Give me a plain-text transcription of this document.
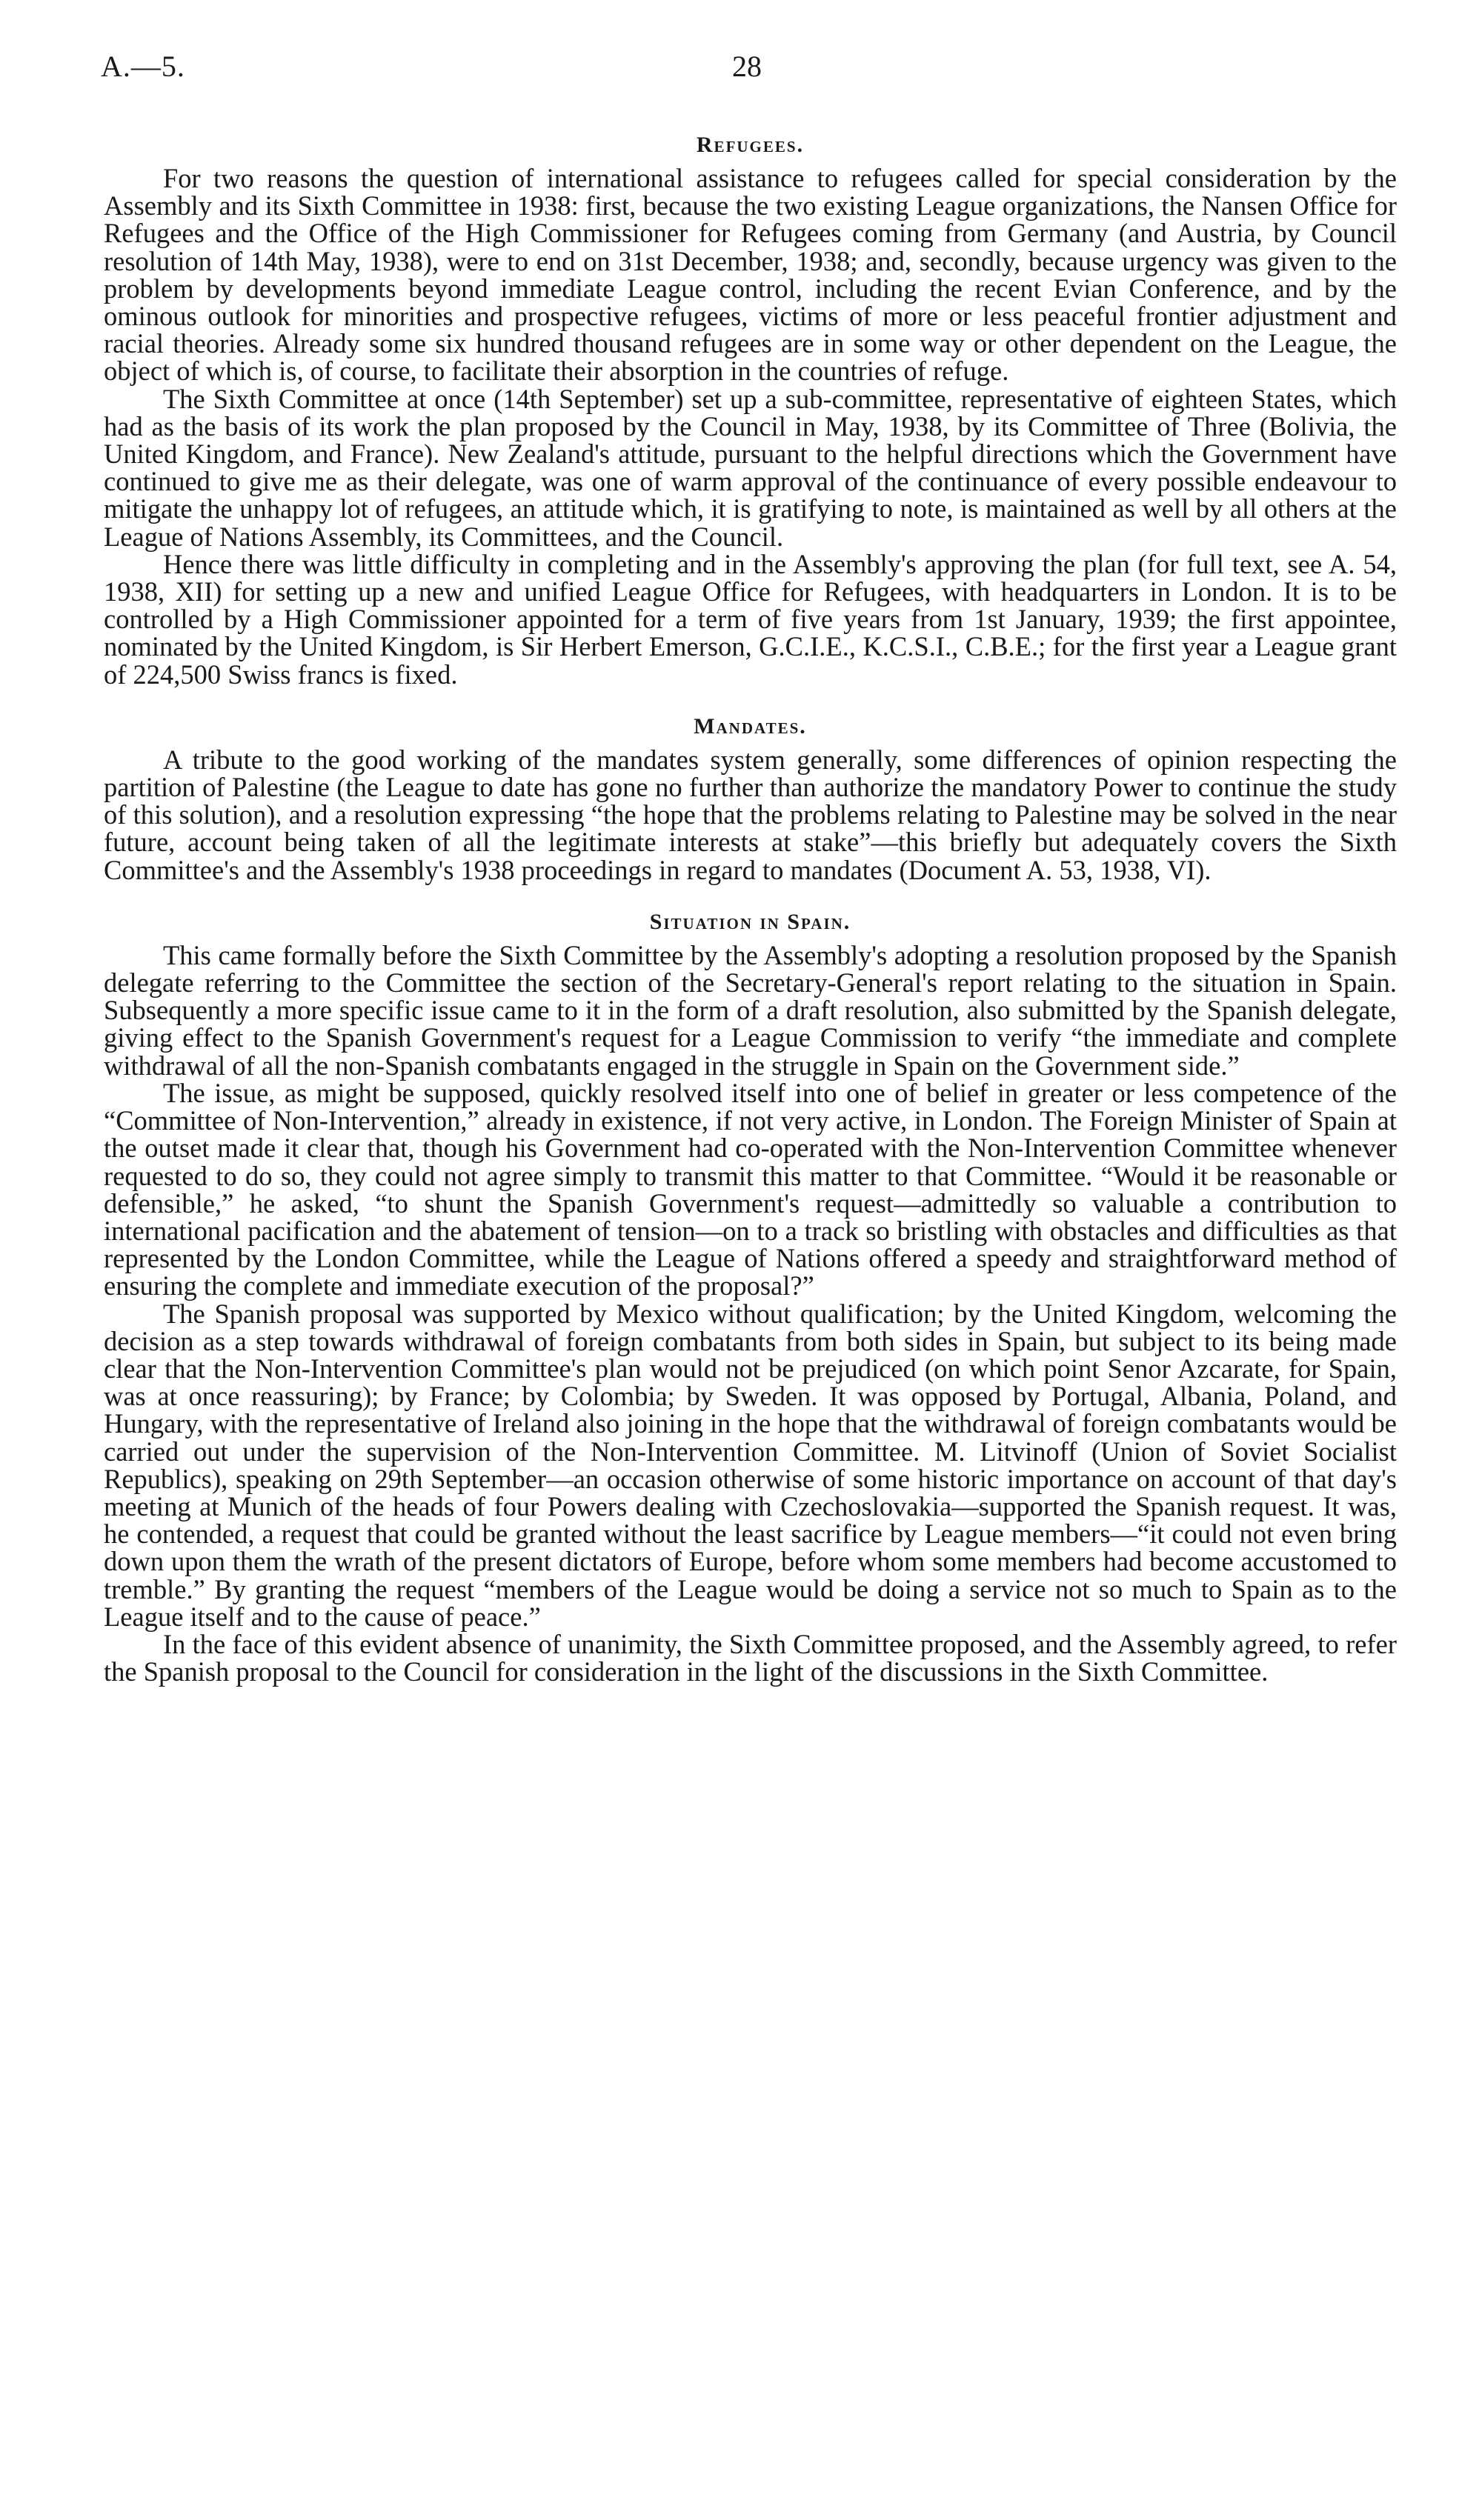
A.—5.	28
Refugees.

For two reasons the question of international assistance to refugees called for special consideration by the Assembly and its Sixth Committee in 1938: first, because the two existing League organizations, the Nansen Office for Refugees and the Office of the High Commissioner for Refugees coming from Germany (and Austria, by Council resolution of 14th May, 1938), were to end on 31st December, 1938; and, secondly, because urgency was given to the problem by developments beyond immediate League control, including the recent Evian Conference, and by the ominous outlook for minorities and prospective refugees, victims of more or less peaceful frontier adjustment and racial theories. Already some six hundred thousand refugees are in some way or other dependent on the League, the object of which is, of course, to facilitate their absorption in the countries of refuge.

The Sixth Committee at once (14th September) set up a sub-committee, representative of eighteen States, which had as the basis of its work the plan proposed by the Council in May, 1938, by its Committee of Three (Bolivia, the United Kingdom, and France). New Zealand's attitude, pursuant to the helpful directions which the Government have continued to give me as their delegate, was one of warm approval of the continuance of every possible endeavour to mitigate the unhappy lot of refugees, an attitude which, it is gratifying to note, is maintained as well by all others at the League of Nations Assembly, its Committees, and the Council.

Hence there was little difficulty in completing and in the Assembly's approving the plan (for full text, see A. 54, 1938, XII) for setting up a new and unified League Office for Refugees, with headquarters in London. It is to be controlled by a High Commissioner appointed for a term of five years from 1st January, 1939; the first appointee, nominated by the United Kingdom, is Sir Herbert Emerson, G.C.I.E., K.C.S.I., C.B.E.; for the first year a League grant of 224,500 Swiss francs is fixed.

Mandates.

A tribute to the good working of the mandates system generally, some differences of opinion respecting the partition of Palestine (the League to date has gone no further than authorize the mandatory Power to continue the study of this solution), and a resolution expressing “the hope that the problems relating to Palestine may be solved in the near future, account being taken of all the legitimate interests at stake”—this briefly but adequately covers the Sixth Committee's and the Assembly's 1938 proceedings in regard to mandates (Document A. 53, 1938, VI).

Situation in Spain.

This came formally before the Sixth Committee by the Assembly's adopting a resolution proposed by the Spanish delegate referring to the Committee the section of the Secretary-General's report relating to the situation in Spain. Subsequently a more specific issue came to it in the form of a draft resolution, also submitted by the Spanish delegate, giving effect to the Spanish Government's request for a League Commission to verify “the immediate and complete withdrawal of all the non-Spanish combatants engaged in the struggle in Spain on the Government side.”

The issue, as might be supposed, quickly resolved itself into one of belief in greater or less competence of the “Committee of Non-Intervention,” already in existence, if not very active, in London. The Foreign Minister of Spain at the outset made it clear that, though his Government had co-operated with the Non-Intervention Committee whenever requested to do so, they could not agree simply to transmit this matter to that Committee. “Would it be reasonable or defensible,” he asked, “to shunt the Spanish Government's request—admittedly so valuable a contribution to international pacification and the abatement of tension—on to a track so bristling with obstacles and difficulties as that represented by the London Committee, while the League of Nations offered a speedy and straightforward method of ensuring the complete and immediate execution of the proposal?”

The Spanish proposal was supported by Mexico without qualification; by the United Kingdom, welcoming the decision as a step towards withdrawal of foreign combatants from both sides in Spain, but subject to its being made clear that the Non-Intervention Committee's plan would not be prejudiced (on which point Senor Azcarate, for Spain, was at once reassuring); by France; by Colombia; by Sweden. It was opposed by Portugal, Albania, Poland, and Hungary, with the representative of Ireland also joining in the hope that the withdrawal of foreign combatants would be carried out under the supervision of the Non-Intervention Committee. M. Litvinoff (Union of Soviet Socialist Republics), speaking on 29th September—an occasion otherwise of some historic importance on account of that day's meeting at Munich of the heads of four Powers dealing with Czechoslovakia—supported the Spanish request. It was, he contended, a request that could be granted without the least sacrifice by League members—“it could not even bring down upon them the wrath of the present dictators of Europe, before whom some members had become accustomed to tremble.” By granting the request “members of the League would be doing a service not so much to Spain as to the League itself and to the cause of peace.”

In the face of this evident absence of unanimity, the Sixth Committee proposed, and the Assembly agreed, to refer the Spanish proposal to the Council for consideration in the light of the discussions in the Sixth Committee.
